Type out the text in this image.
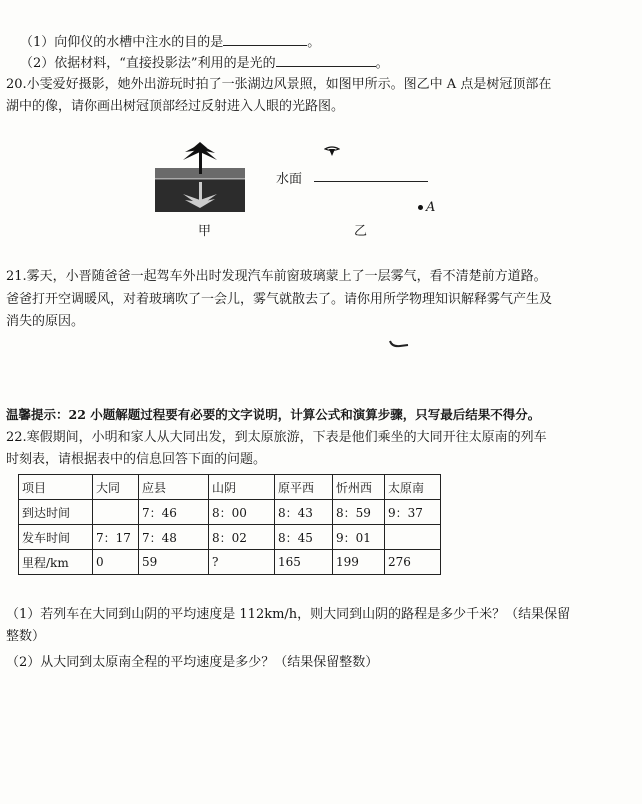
（1）向仰仪的水槽中注水的目的是	。
（2）依据材料，“直接投影法”利用的是光的	。
20.小雯爱好摄影，她外出游玩时拍了一张湖边风景照，如图甲所示。图乙中 A 点是树冠顶部在
湖中的像，请你画出树冠顶部经过反射进入人眼的光路图。
水面
A
甲	乙
21.雾天，小晋随爸爸一起驾车外出时发现汽车前窗玻璃蒙上了一层雾气，看不清楚前方道路。
爸爸打开空调暖风，对着玻璃吹了一会儿，雾气就散去了。请你用所学物理知识解释雾气产生及
消失的原因。
温馨提示：22 小题解题过程要有必要的文字说明，计算公式和演算步骤，只写最后结果不得分。
22.寒假期间，小明和家人从大同出发，到太原旅游，下表是他们乘坐的大同开往太原南的列车
时刻表，请根据表中的信息回答下面的问题。
项目	大同	应县	山阴	原平西	忻州西	太原南
到达时间		7：46	8：00	8：43	8：59	9：37
发车时间	7：17	7：48	8：02	8：45	9：01	
里程/km	0	59	?	165	199	276
（1）若列车在大同到山阴的平均速度是 112km/h，则大同到山阴的路程是多少千米？（结果保留
整数）
（2）从大同到太原南全程的平均速度是多少？（结果保留整数）
